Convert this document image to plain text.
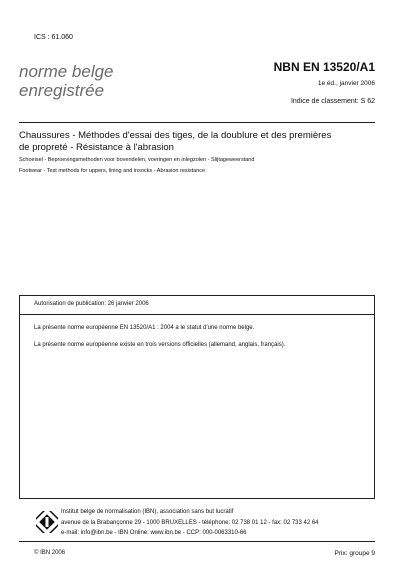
ICS : 61.060
norme belge
enregistrée
NBN EN 13520/A1
1e éd., janvier 2006
Indice de classement: S 62
Chaussures - Méthodes d'essai des tiges, de la doublure et des premières de propreté - Résistance à l'abrasion
Schoeisel - Beproevingsmethoden voor bovendelen, voeringen en inlegzolen - Slijtageweerstand
Footwear - Test methods for uppers, lining and insocks - Abrasion resistance
Autorisation de publication: 26 janvier 2006
La présente norme européenne EN 13520/A1 : 2004 a le statut d'une norme belge.
La présente norme européenne existe en trois versions officielles (allemand, anglais, français).
Institut belge de normalisation (IBN), association sans but lucratif
avenue de la Brabançonne 29 - 1000 BRUXELLES - téléphone: 02 738 01 12 - fax: 02 733 42 64
e-mail: info@ibn.be - IBN Online: www.ibn.be - CCP: 000-0063310-66
© IBN 2006	Prix: groupe 9
